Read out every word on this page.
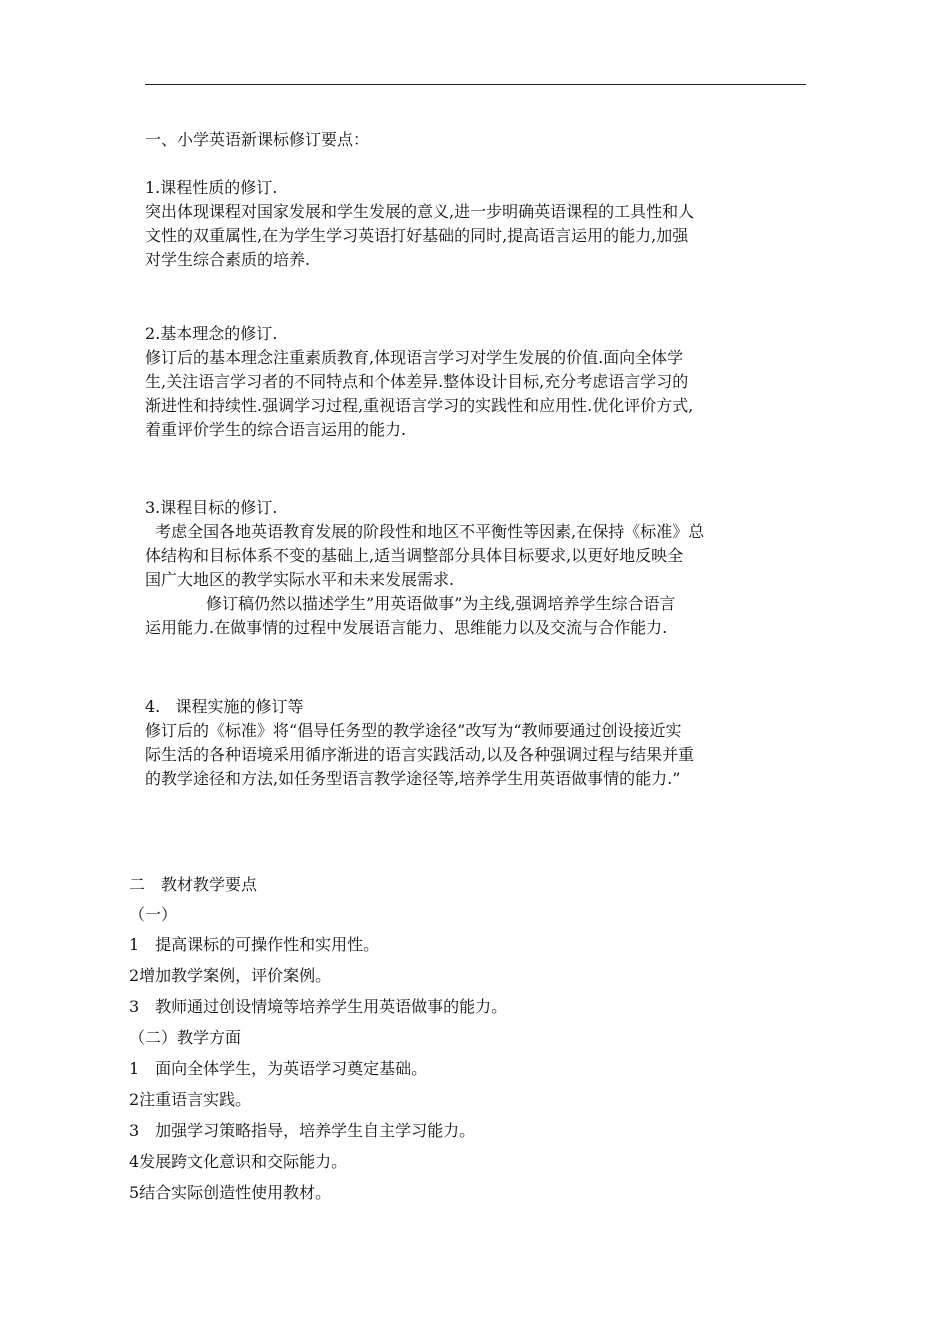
一、小学英语新课标修订要点：
1.课程性质的修订.
突出体现课程对国家发展和学生发展的意义,进一步明确英语课程的工具性和人
文性的双重属性,在为学生学习英语打好基础的同时,提高语言运用的能力,加强
对学生综合素质的培养.
2.基本理念的修订.
修订后的基本理念注重素质教育,体现语言学习对学生发展的价值.面向全体学
生,关注语言学习者的不同特点和个体差异.整体设计目标,充分考虑语言学习的
渐进性和持续性.强调学习过程,重视语言学习的实践性和应用性.优化评价方式,
着重评价学生的综合语言运用的能力.
3.课程目标的修订.
考虑全国各地英语教育发展的阶段性和地区不平衡性等因素,在保持《标准》总
体结构和目标体系不变的基础上,适当调整部分具体目标要求,以更好地反映全
国广大地区的教学实际水平和未来发展需求.
修订稿仍然以描述学生”用英语做事”为主线,强调培养学生综合语言
运用能力.在做事情的过程中发展语言能力、思维能力以及交流与合作能力.
4.   课程实施的修订等
修订后的《标准》将“倡导任务型的教学途径”改写为“教师要通过创设接近实
际生活的各种语境采用循序渐进的语言实践活动,以及各种强调过程与结果并重
的教学途径和方法,如任务型语言教学途径等,培养学生用英语做事情的能力.”
二　教材教学要点
（一）
1　提高课标的可操作性和实用性。
2增加教学案例，评价案例。
3　教师通过创设情境等培养学生用英语做事的能力。
（二）教学方面
1　面向全体学生，为英语学习奠定基础。
2注重语言实践。
3　加强学习策略指导，培养学生自主学习能力。
4发展跨文化意识和交际能力。
5结合实际创造性使用教材。
